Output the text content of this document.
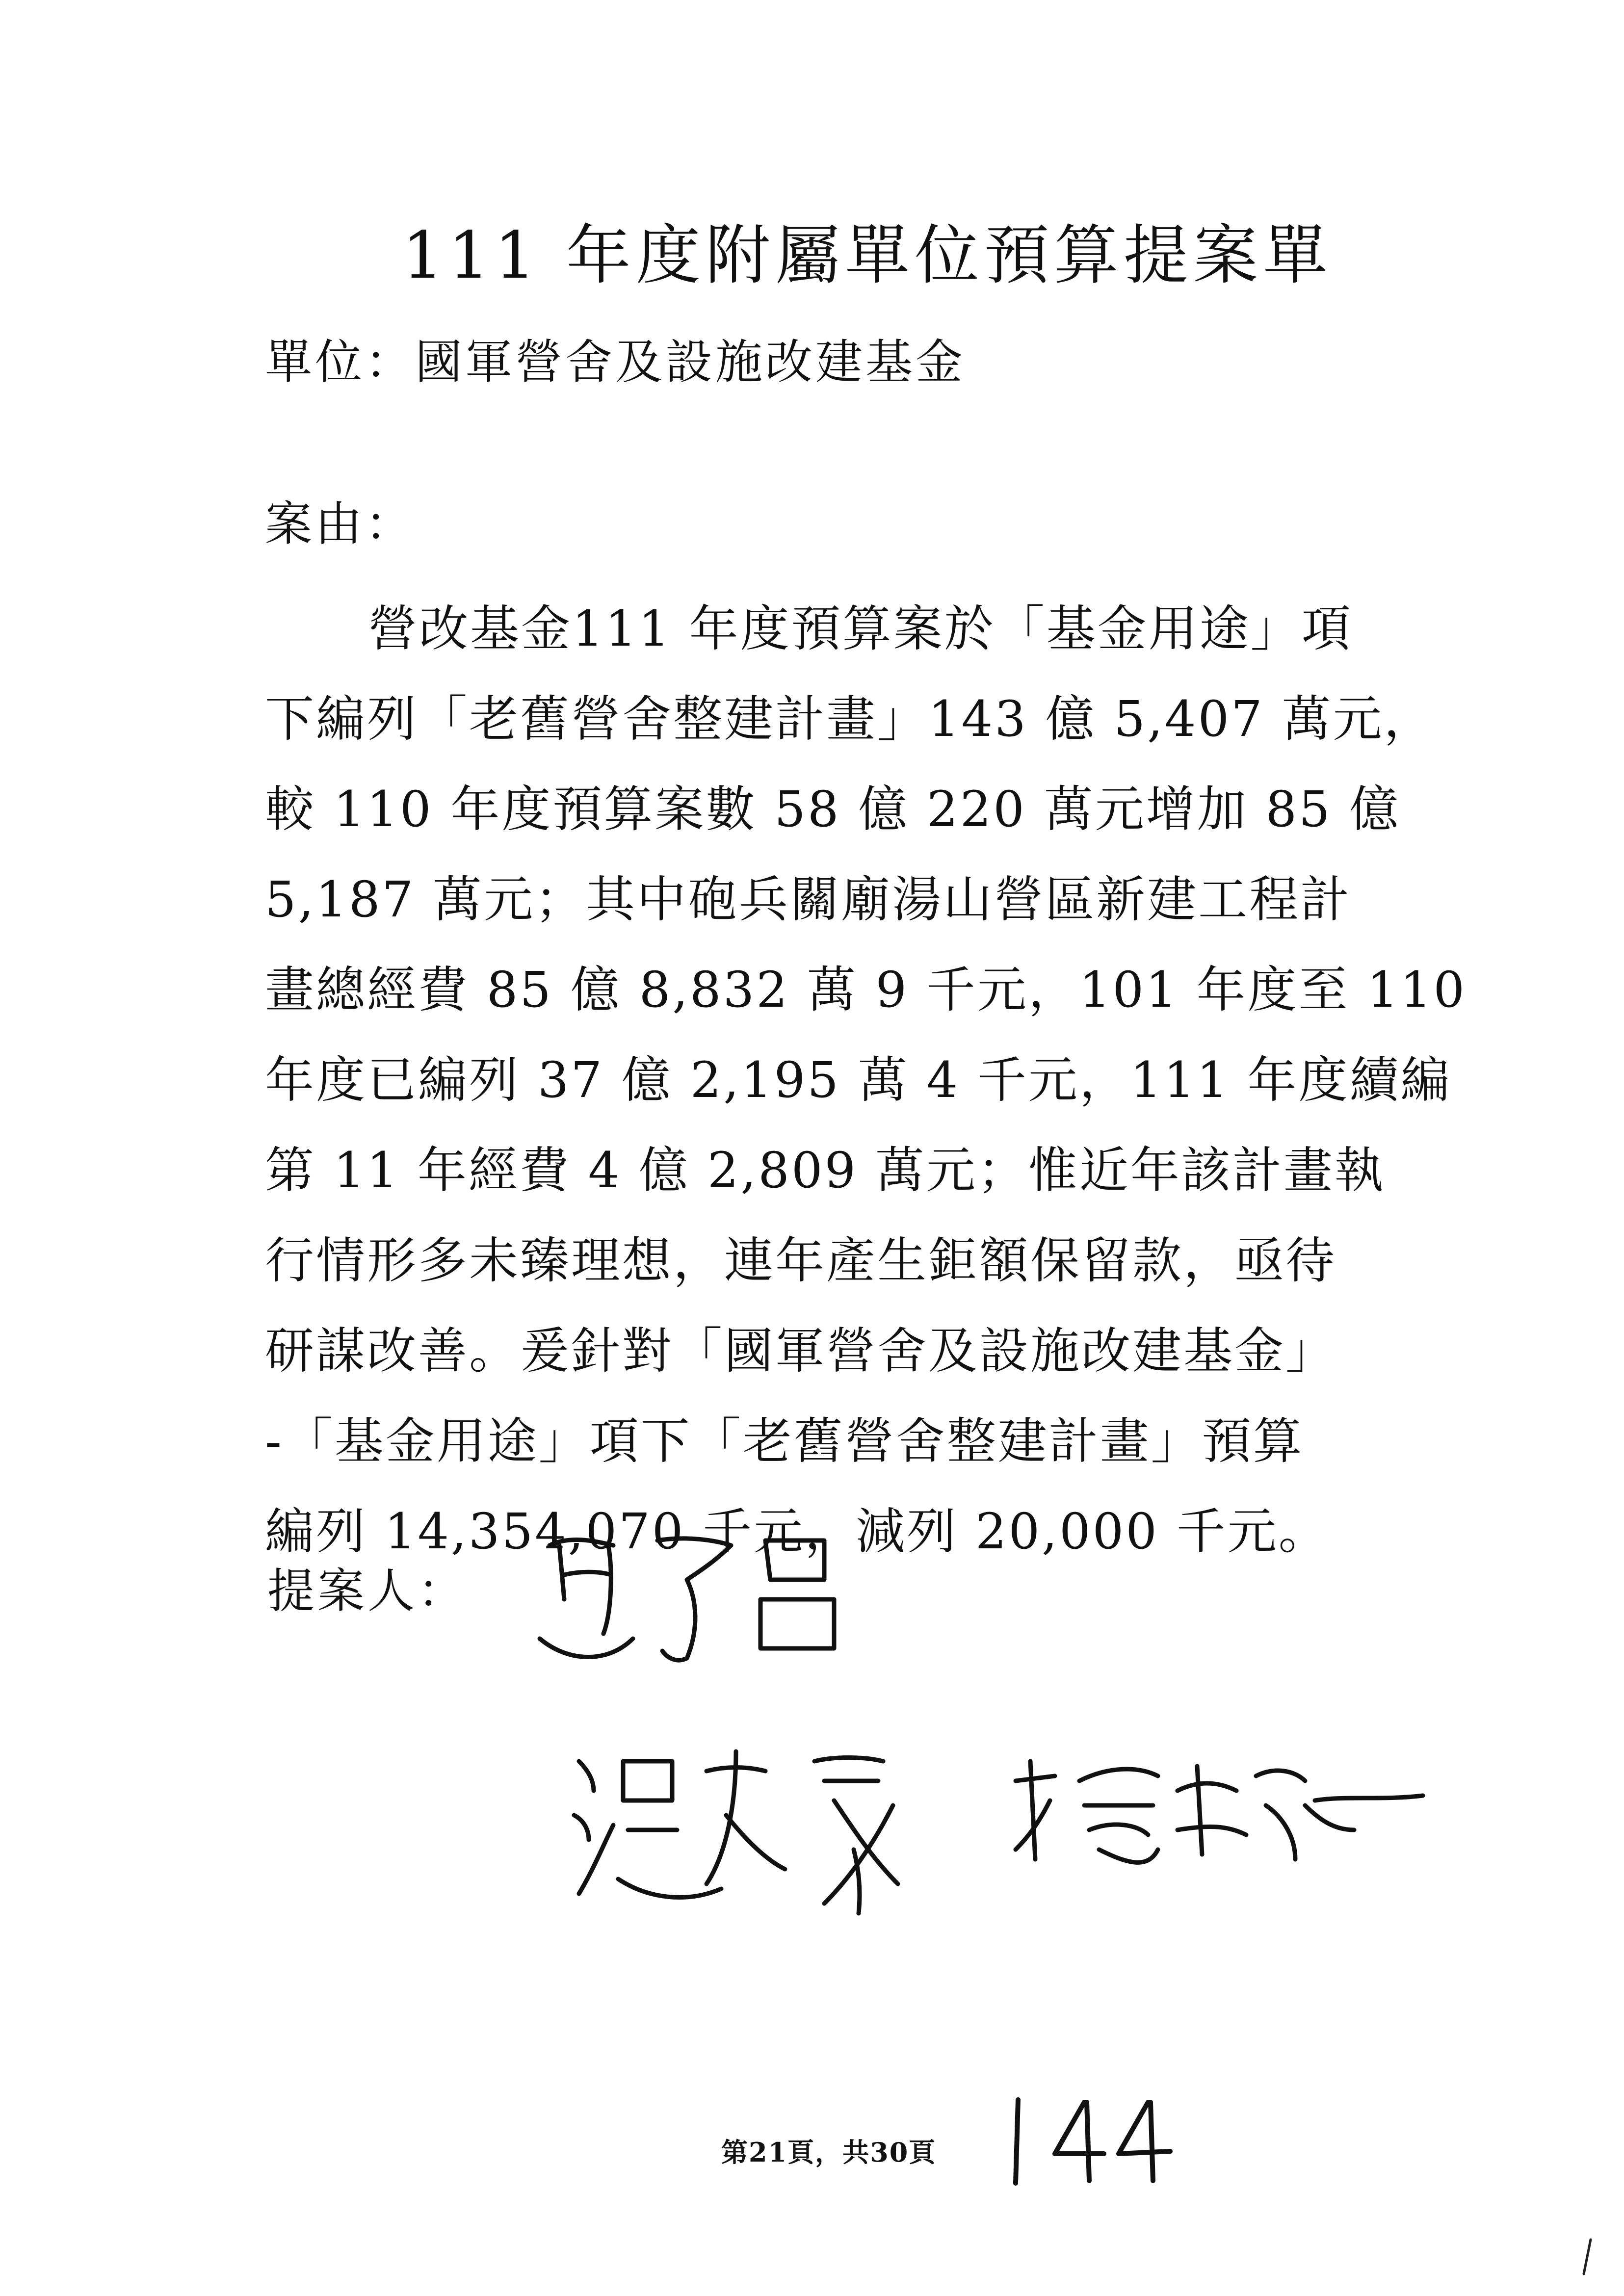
111 年度附屬單位預算提案單
單位：國軍營舍及設施改建基金
案由：
營改基金111 年度預算案於「基金用途」項
下編列「老舊營舍整建計畫」143 億 5,407 萬元，
較 110 年度預算案數 58 億 220 萬元增加 85 億
5,187 萬元；其中砲兵關廟湯山營區新建工程計
畫總經費 85 億 8,832 萬 9 千元，101 年度至 110
年度已編列 37 億 2,195 萬 4 千元，111 年度續編
第 11 年經費 4 億 2,809 萬元；惟近年該計畫執
行情形多未臻理想，連年產生鉅額保留款，亟待
研謀改善。爰針對「國軍營舍及設施改建基金」
-「基金用途」項下「老舊營舍整建計畫」預算
編列 14,354,070 千元，減列 20,000 千元。
提案人：
第21頁，共30頁
